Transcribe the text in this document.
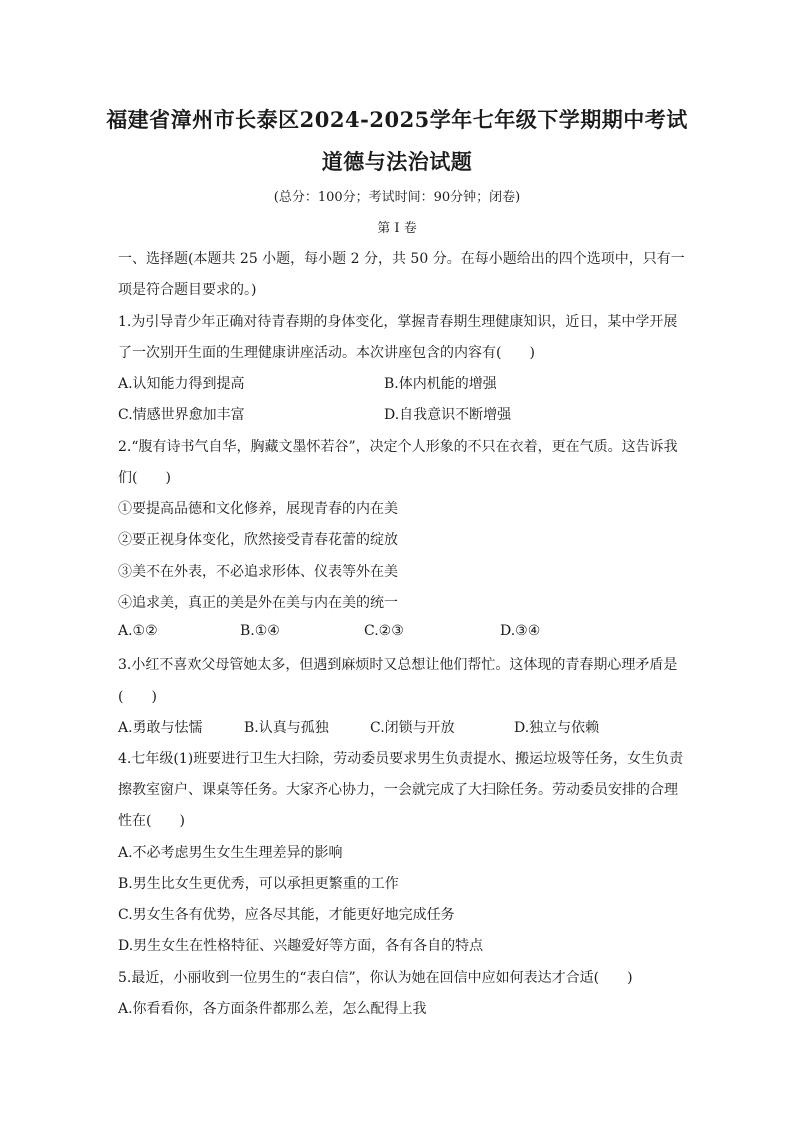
福建省漳州市长泰区2024-2025学年七年级下学期期中考试
道德与法治试题
(总分：100分；考试时间：90分钟；闭卷)
第 I 卷
一、选择题(本题共 25 小题，每小题 2 分，共 50 分。在每小题给出的四个选项中，只有一
项是符合题目要求的。)
1.为引导青少年正确对待青春期的身体变化，掌握青春期生理健康知识，近日，某中学开展
了一次别开生面的生理健康讲座活动。本次讲座包含的内容有(　　)
A.认知能力得到提高	B.体内机能的增强
C.情感世界愈加丰富	D.自我意识不断增强
2.“腹有诗书气自华，胸藏文墨怀若谷”，决定个人形象的不只在衣着，更在气质。这告诉我
们(　　)
①要提高品德和文化修养，展现青春的内在美
②要正视身体变化，欣然接受青春花蕾的绽放
③美不在外表，不必追求形体、仪表等外在美
④追求美，真正的美是外在美与内在美的统一
A.①②	B.①④	C.②③	D.③④
3.小红不喜欢父母管她太多，但遇到麻烦时又总想让他们帮忙。这体现的青春期心理矛盾是
(　　)
A.勇敢与怯懦	B.认真与孤独	C.闭锁与开放	D.独立与依赖
4.七年级(1)班要进行卫生大扫除，劳动委员要求男生负责提水、搬运垃圾等任务，女生负责
擦教室窗户、课桌等任务。大家齐心协力，一会就完成了大扫除任务。劳动委员安排的合理
性在(　　)
A.不必考虑男生女生生理差异的影响
B.男生比女生更优秀，可以承担更繁重的工作
C.男女生各有优势，应各尽其能，才能更好地完成任务
D.男生女生在性格特征、兴趣爱好等方面，各有各自的特点
5.最近，小丽收到一位男生的“表白信”，你认为她在回信中应如何表达才合适(　　)
A.你看看你，各方面条件都那么差，怎么配得上我
